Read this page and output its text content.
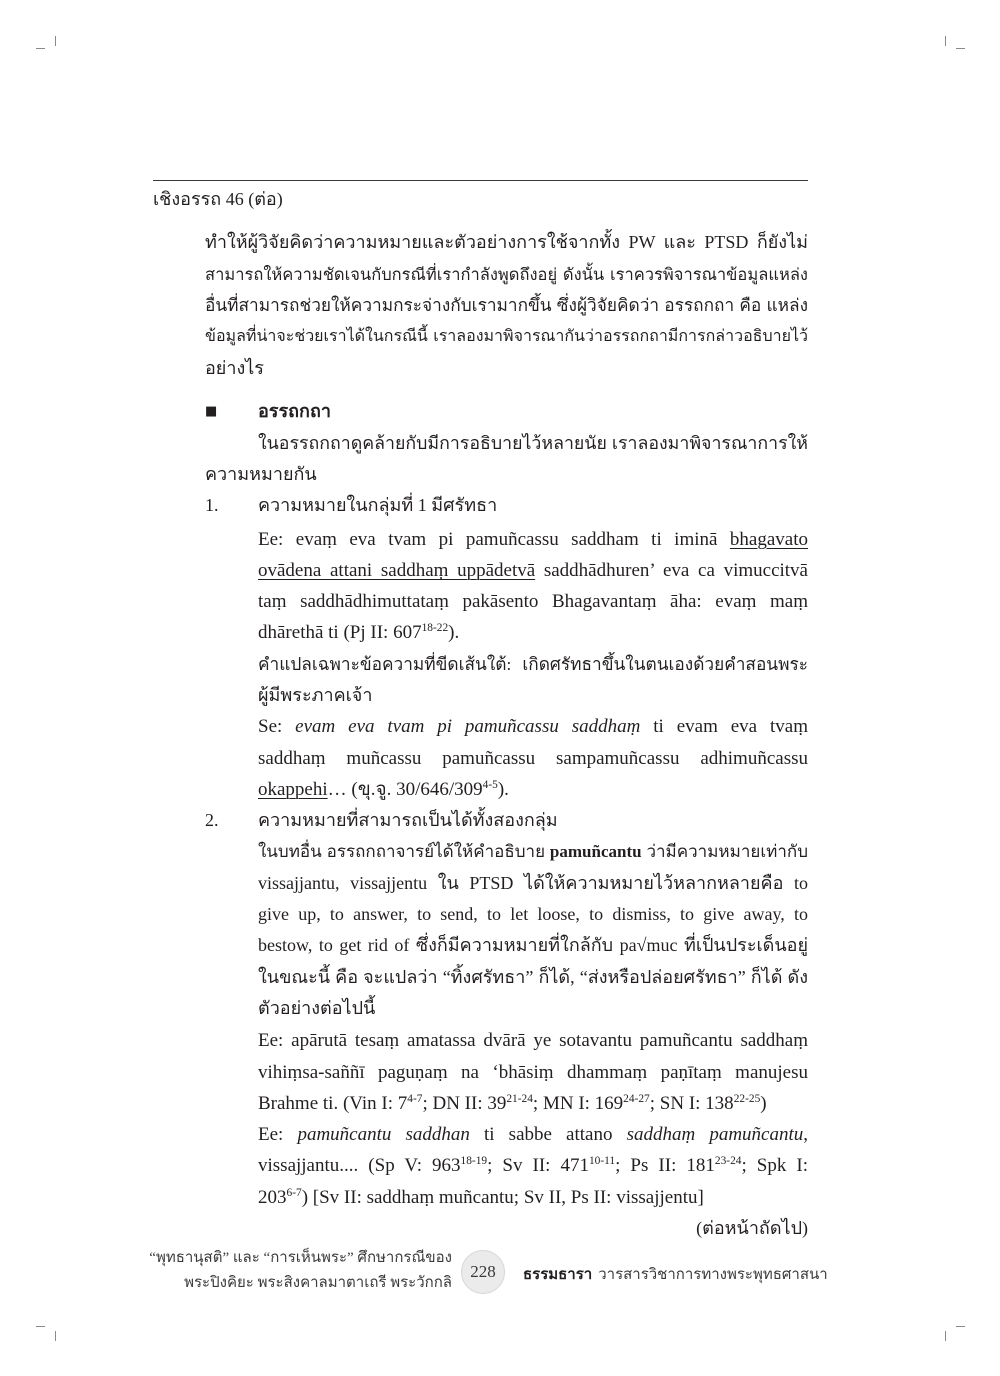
เชิงอรรถ 46 (ต่อ)
ทำให้ผู้วิจัยคิดว่าความหมายและตัวอย่างการใช้จากทั้ง PW และ PTSD ก็ยังไม่
สามารถให้ความชัดเจนกับกรณีที่เรากำลังพูดถึงอยู่ ดังนั้น เราควรพิจารณาข้อมูลแหล่ง
อื่นที่สามารถช่วยให้ความกระจ่างกับเรามากขึ้น ซึ่งผู้วิจัยคิดว่า อรรถกถา คือ แหล่ง
ข้อมูลที่น่าจะช่วยเราได้ในกรณีนี้ เราลองมาพิจารณากันว่าอรรถกถามีการกล่าวอธิบายไว้
อย่างไร
■ อรรถกถา
ในอรรถกถาดูคล้ายกับมีการอธิบายไว้หลายนัย เราลองมาพิจารณาการให้
ความหมายกัน
1. ความหมายในกลุ่มที่ 1 มีศรัทธา
Ee: evaṃ eva tvam pi pamuñcassu saddham ti iminā bhagavato
ovādena attani saddhaṃ uppādetvā saddhādhuren’ eva ca vimuccitvā
taṃ saddhādhimuttataṃ pakāsento Bhagavantaṃ āha: evaṃ maṃ
dhārethā ti (Pj II: 607$^{18-22}$).
คำแปลเฉพาะข้อความที่ขีดเส้นใต้: เกิดศรัทธาขึ้นในตนเองด้วยคำสอนพระ
ผู้มีพระภาคเจ้า
Se: evam eva tvam pi pamuñcassu saddhaṃ ti evam eva tvaṃ
saddhaṃ muñcassu pamuñcassu sampamuñcassu adhimuñcassu
okappehi… (ขุ.จู. 30/646/309$^{4-5}$).
2. ความหมายที่สามารถเป็นได้ทั้งสองกลุ่ม
ในบทอื่น อรรถกถาจารย์ได้ให้คำอธิบาย pamuñcantu ว่ามีความหมายเท่ากับ
vissajjantu, vissajjentu ใน PTSD ได้ให้ความหมายไว้หลากหลายคือ to
give up, to answer, to send, to let loose, to dismiss, to give away, to
bestow, to get rid of ซึ่งก็มีความหมายที่ใกล้กับ pa√muc ที่เป็นประเด็นอยู่
ในขณะนี้ คือ จะแปลว่า “ทิ้งศรัทธา” ก็ได้, “ส่งหรือปล่อยศรัทธา” ก็ได้ ดัง
ตัวอย่างต่อไปนี้
Ee: apārutā tesaṃ amatassa dvārā ye sotavantu pamuñcantu saddhaṃ
vihiṃsa-saññī paguṇaṃ na ‘bhāsiṃ dhammaṃ paṇītaṃ manujesu
Brahme ti. (Vin I: 7$^{4-7}$; DN II: 39$^{21-24}$; MN I: 169$^{24-27}$; SN I: 138$^{22-25}$)
Ee: pamuñcantu saddhan ti sabbe attano saddhaṃ pamuñcantu,
vissajjantu.... (Sp V: 963$^{18-19}$; Sv II: 471$^{10-11}$; Ps II: 181$^{23-24}$; Spk I:
203$^{6-7}$) [Sv II: saddhaṃ muñcantu; Sv II, Ps II: vissajjentu]
(ต่อหน้าถัดไป)
“พุทธานุสติ” และ “การเห็นพระ” ศึกษากรณีของ
พระปิงคิยะ พระสิงคาลมาตาเถรี พระวักกลิ
228	ธรรมธารา วารสารวิชาการทางพระพุทธศาสนา
